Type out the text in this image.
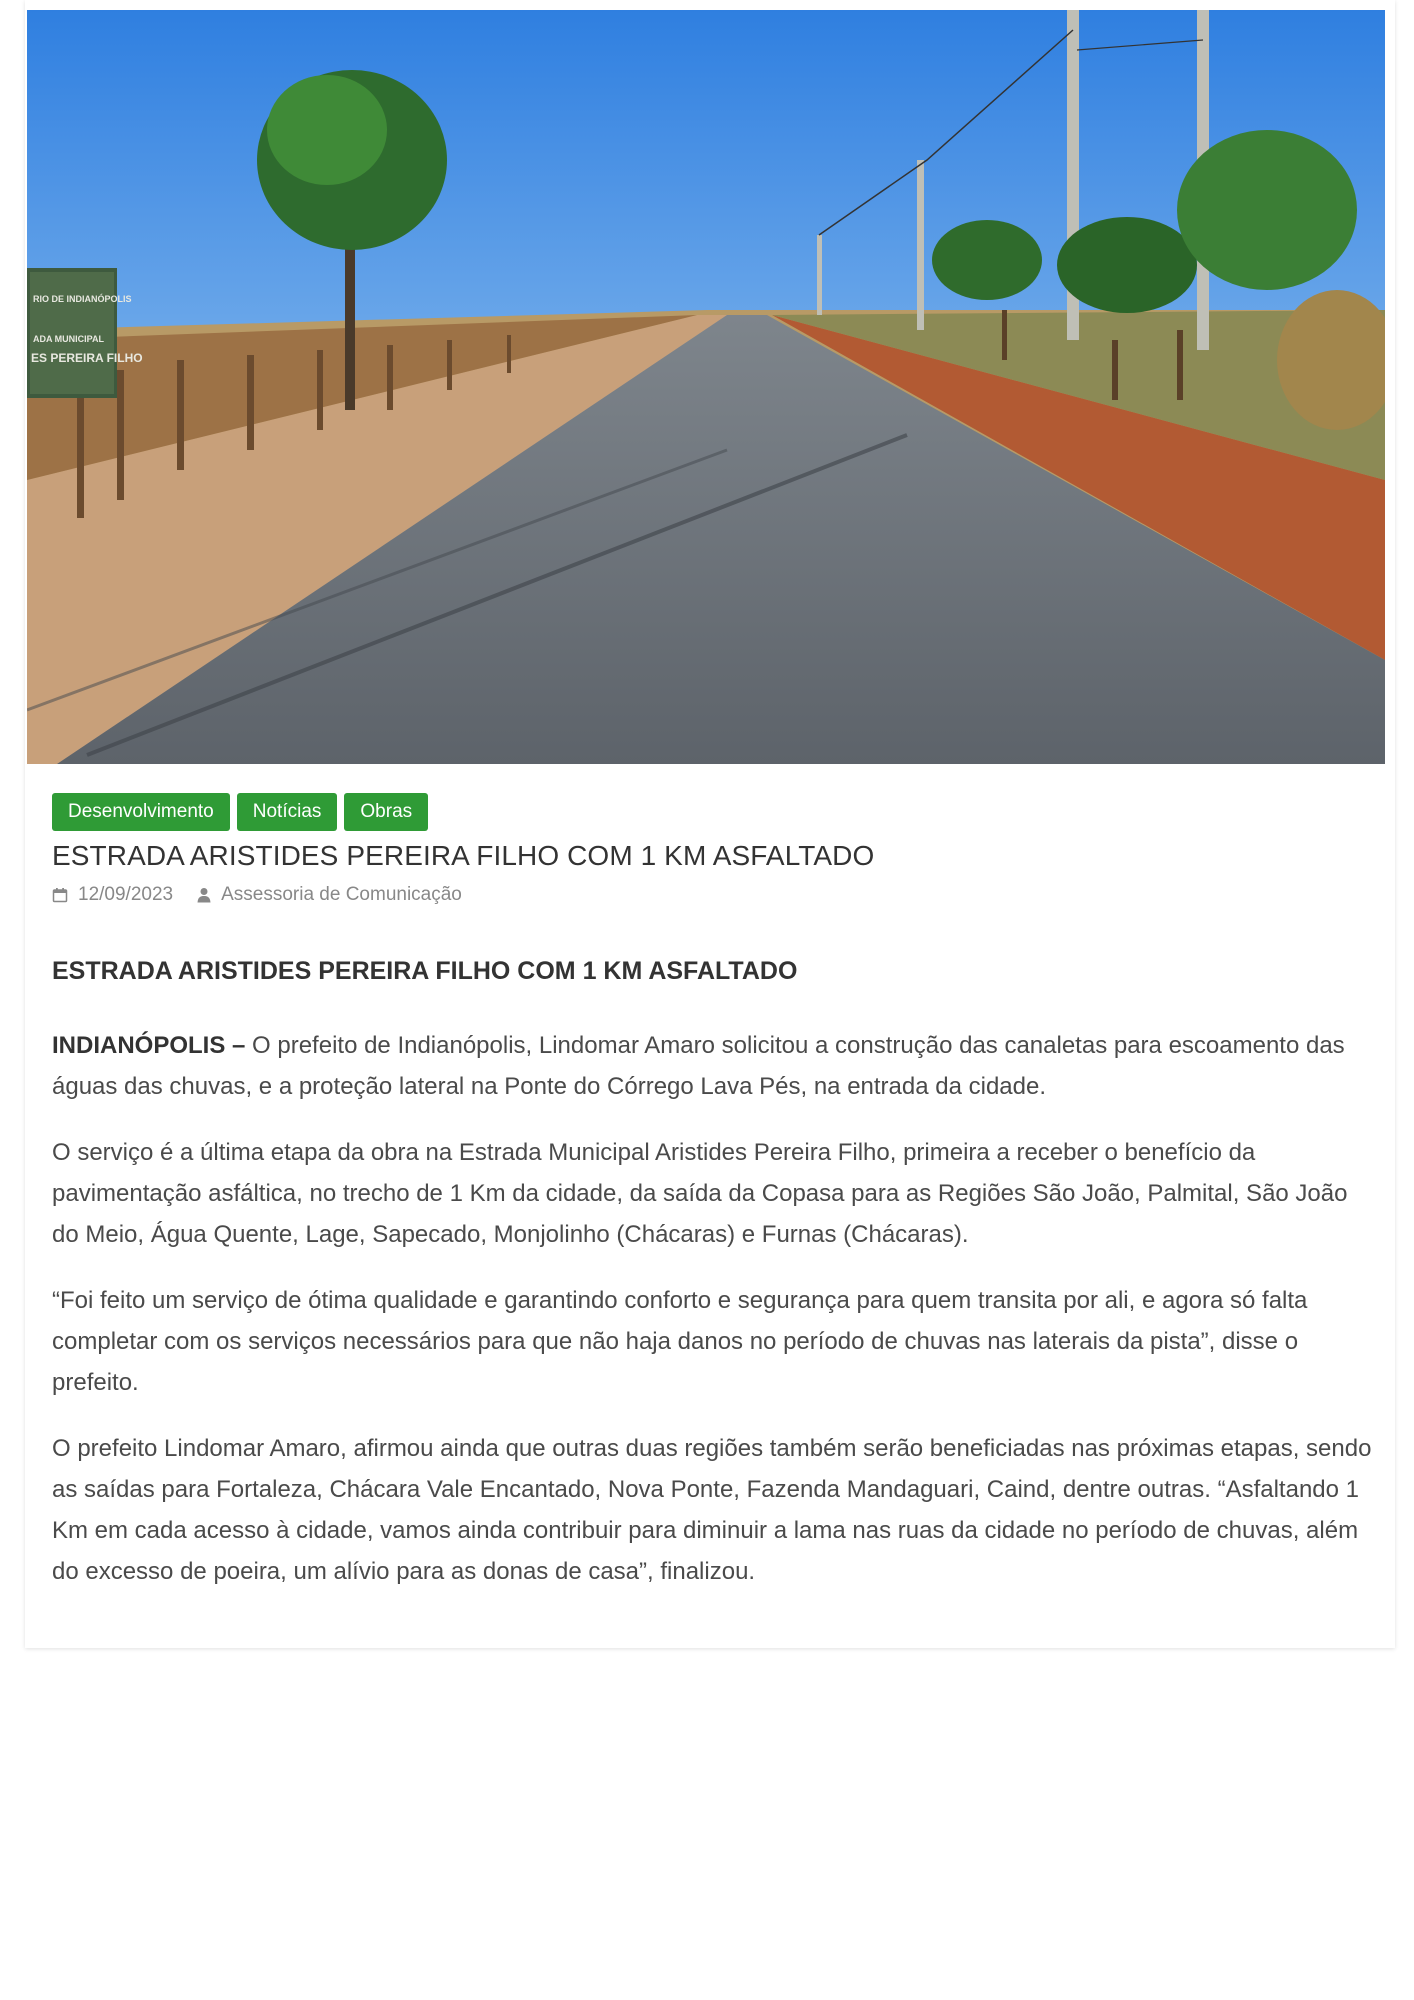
RIO DE INDIANÓPOLIS
ADA MUNICIPAL
ES PEREIRA FILHO
Desenvolvimento	Notícias	Obras
ESTRADA ARISTIDES PEREIRA FILHO COM 1 KM ASFALTADO
12/09/2023	Assessoria de Comunicação
ESTRADA ARISTIDES PEREIRA FILHO COM 1 KM ASFALTADO

INDIANÓPOLIS – O prefeito de Indianópolis, Lindomar Amaro solicitou a construção das canaletas para escoamento das águas das chuvas, e a proteção lateral na Ponte do Córrego Lava Pés, na entrada da cidade.

O serviço é a última etapa da obra na Estrada Municipal Aristides Pereira Filho, primeira a receber o benefício da pavimentação asfáltica, no trecho de 1 Km da cidade, da saída da Copasa para as Regiões São João, Palmital, São João do Meio, Água Quente, Lage, Sapecado, Monjolinho (Chácaras) e Furnas (Chácaras).

“Foi feito um serviço de ótima qualidade e garantindo conforto e segurança para quem transita por ali, e agora só falta completar com os serviços necessários para que não haja danos no período de chuvas nas laterais da pista”, disse o prefeito.

O prefeito Lindomar Amaro, afirmou ainda que outras duas regiões também serão beneficiadas nas próximas etapas, sendo as saídas para Fortaleza, Chácara Vale Encantado, Nova Ponte, Fazenda Mandaguari, Caind, dentre outras. “Asfaltando 1 Km em cada acesso à cidade, vamos ainda contribuir para diminuir a lama nas ruas da cidade no período de chuvas, além do excesso de poeira, um alívio para as donas de casa”, finalizou.
